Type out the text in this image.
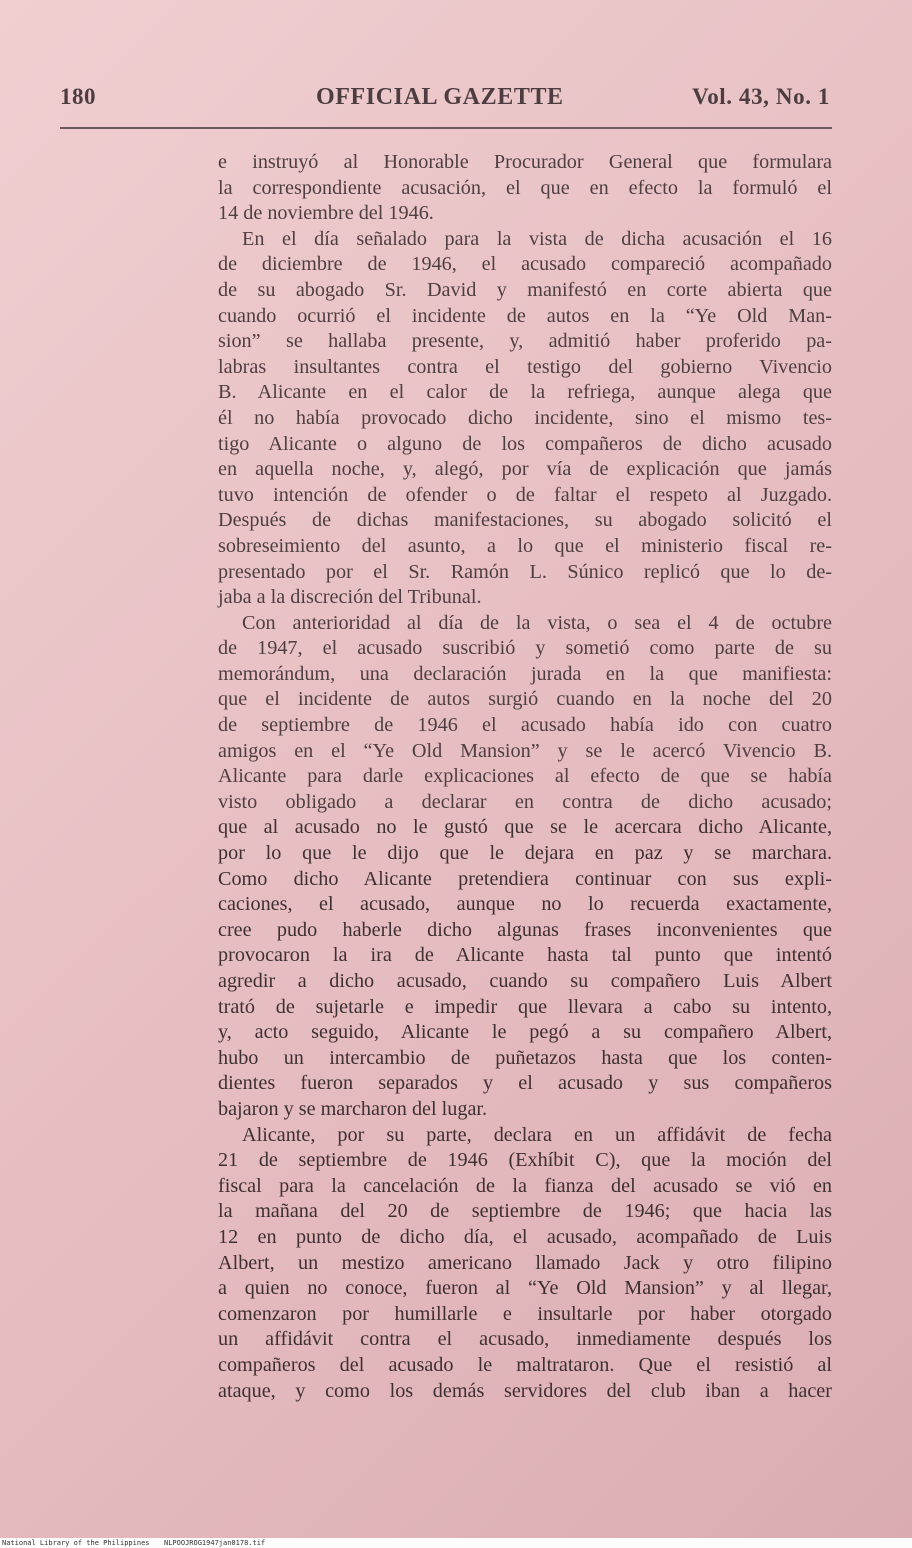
180	OFFICIAL GAZETTE	Vol. 43, No. 1
e instruyó al Honorable Procurador General que formulara
la correspondiente acusación, el que en efecto la formuló el
14 de noviembre del 1946.
En el día señalado para la vista de dicha acusación el 16
de diciembre de 1946, el acusado compareció acompañado
de su abogado Sr. David y manifestó en corte abierta que
cuando ocurrió el incidente de autos en la “Ye Old Man-
sion” se hallaba presente, y, admitió haber proferido pa-
labras insultantes contra el testigo del gobierno Vivencio
B. Alicante en el calor de la refriega, aunque alega que
él no había provocado dicho incidente, sino el mismo tes-
tigo Alicante o alguno de los compañeros de dicho acusado
en aquella noche, y, alegó, por vía de explicación que jamás
tuvo intención de ofender o de faltar el respeto al Juzgado.
Después de dichas manifestaciones, su abogado solicitó el
sobreseimiento del asunto, a lo que el ministerio fiscal re-
presentado por el Sr. Ramón L. Súnico replicó que lo de-
jaba a la discreción del Tribunal.
Con anterioridad al día de la vista, o sea el 4 de octubre
de 1947, el acusado suscribió y sometió como parte de su
memorándum, una declaración jurada en la que manifiesta:
que el incidente de autos surgió cuando en la noche del 20
de septiembre de 1946 el acusado había ido con cuatro
amigos en el “Ye Old Mansion” y se le acercó Vivencio B.
Alicante para darle explicaciones al efecto de que se había
visto obligado a declarar en contra de dicho acusado;
que al acusado no le gustó que se le acercara dicho Alicante,
por lo que le dijo que le dejara en paz y se marchara.
Como dicho Alicante pretendiera continuar con sus expli-
caciones, el acusado, aunque no lo recuerda exactamente,
cree pudo haberle dicho algunas frases inconvenientes que
provocaron la ira de Alicante hasta tal punto que intentó
agredir a dicho acusado, cuando su compañero Luis Albert
trató de sujetarle e impedir que llevara a cabo su intento,
y, acto seguido, Alicante le pegó a su compañero Albert,
hubo un intercambio de puñetazos hasta que los conten-
dientes fueron separados y el acusado y sus compañeros
bajaron y se marcharon del lugar.
Alicante, por su parte, declara en un affidávit de fecha
21 de septiembre de 1946 (Exhíbit C), que la moción del
fiscal para la cancelación de la fianza del acusado se vió en
la mañana del 20 de septiembre de 1946; que hacia las
12 en punto de dicho día, el acusado, acompañado de Luis
Albert, un mestizo americano llamado Jack y otro filipino
a quien no conoce, fueron al “Ye Old Mansion” y al llegar,
comenzaron por humillarle e insultarle por haber otorgado
un affidávit contra el acusado, inmediamente después los
compañeros del acusado le maltrataron. Que el resistió al
ataque, y como los demás servidores del club iban a hacer
National Library of the Philippines NLPOOJROG1947jan0178.tif
